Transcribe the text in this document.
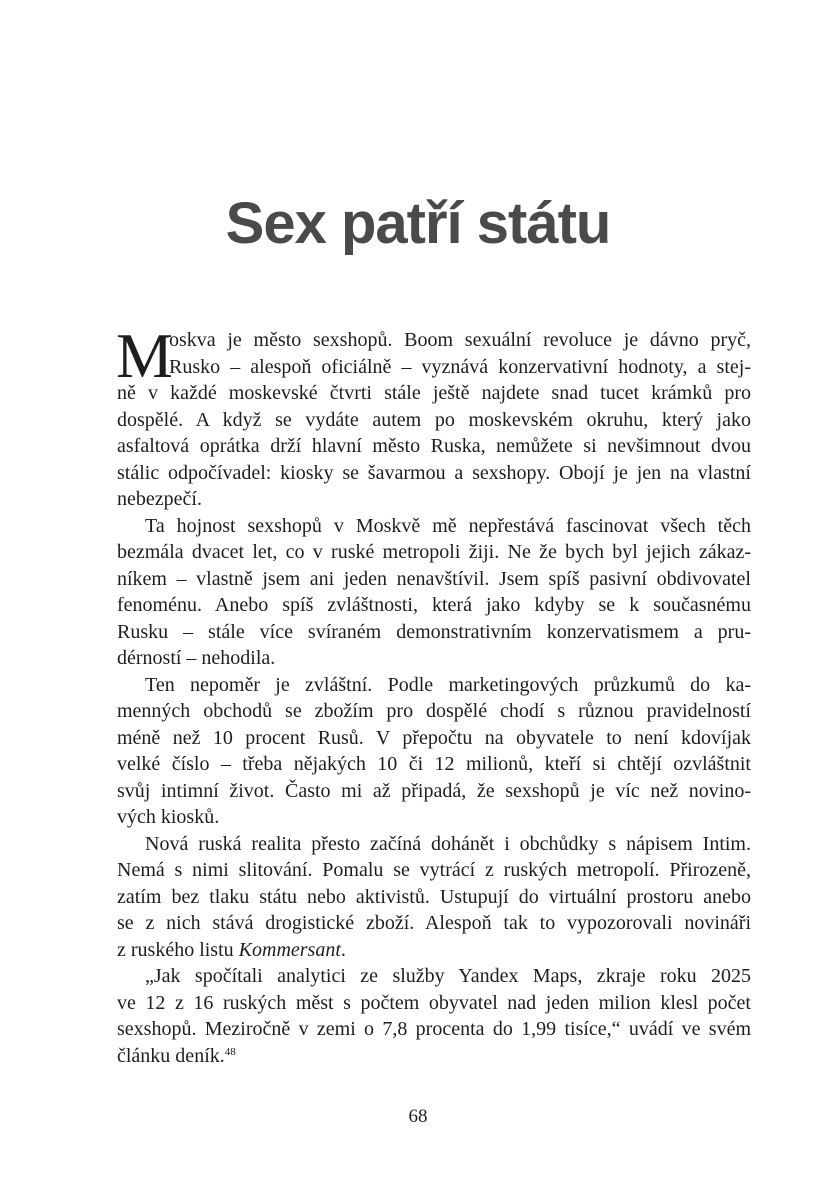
Sex patří státu
M
oskva je město sexshopů. Boom sexuální revoluce je dávno pryč,
Rusko – alespoň oficiálně – vyznává konzervativní hodnoty, a stej-
ně v každé moskevské čtvrti stále ještě najdete snad tucet krámků pro
dospělé. A když se vydáte autem po moskevském okruhu, který jako
asfaltová oprátka drží hlavní město Ruska, nemůžete si nevšimnout dvou
stálic odpočívadel: kiosky se šavarmou a sexshopy. Obojí je jen na vlastní
nebezpečí.
Ta hojnost sexshopů v Moskvě mě nepřestává fascinovat všech těch
bezmála dvacet let, co v ruské metropoli žiji. Ne že bych byl jejich zákaz-
níkem – vlastně jsem ani jeden nenavštívil. Jsem spíš pasivní obdivovatel
fenoménu. Anebo spíš zvláštnosti, která jako kdyby se k současnému
Rusku – stále více svíraném demonstrativním konzervatismem a pru-
dérností – nehodila.
Ten nepoměr je zvláštní. Podle marketingových průzkumů do ka-
menných obchodů se zbožím pro dospělé chodí s různou pravidelností
méně než 10 procent Rusů. V přepočtu na obyvatele to není kdovíjak
velké číslo – třeba nějakých 10 či 12 milionů, kteří si chtějí ozvláštnit
svůj intimní život. Často mi až připadá, že sexshopů je víc než novino-
vých kiosků.
Nová ruská realita přesto začíná dohánět i obchůdky s nápisem Intim.
Nemá s nimi slitování. Pomalu se vytrácí z ruských metropolí. Přirozeně,
zatím bez tlaku státu nebo aktivistů. Ustupují do virtuální prostoru anebo
se z nich stává drogistické zboží. Alespoň tak to vypozorovali novináři
z ruského listu Kommersant.
„Jak spočítali analytici ze služby Yandex Maps, zkraje roku 2025
ve 12 z 16 ruských měst s počtem obyvatel nad jeden milion klesl počet
sexshopů. Meziročně v zemi o 7,8 procenta do 1,99 tisíce,“ uvádí ve svém
článku deník.$^{48}$
68
